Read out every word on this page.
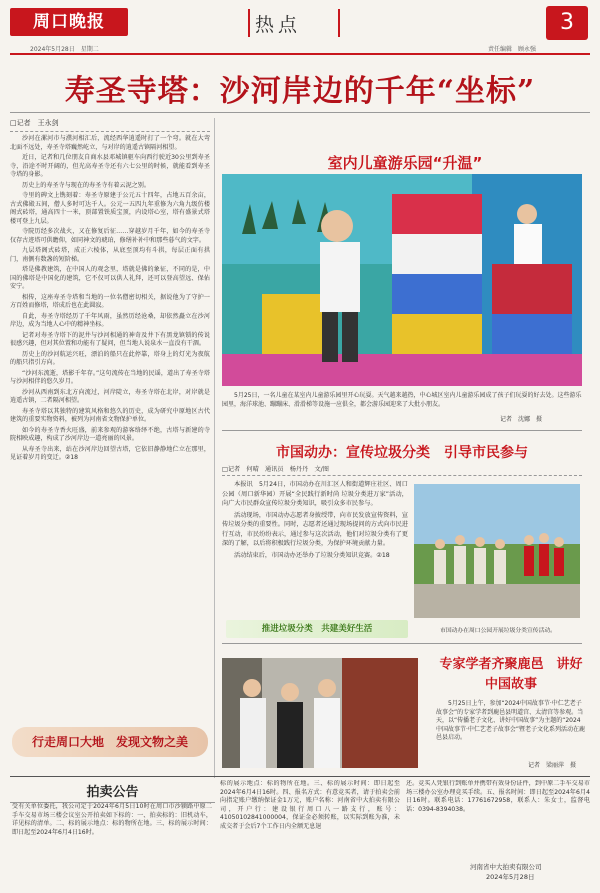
周口晚报	热点	3
2024年5月28日　星期二	责任编辑　顾永强
寿圣寺塔：沙河岸边的千年“坐标”
□记者　王永剑

沙河在漯河市与濮河相汇后，流经西华逍遥时打了一个弯。就在大弯北面不远处，寿圣寺塔巍然屹立，与对岸的逍遥古镇隔河相望。

近日，记者和几位朋友自商水县邓城镇驱车向西行驶近30公里到寿圣寺，沿途不时开阔的，但光高寿圣寺还有六七公里的时候，就能看到寿圣寺塔的身影。

历史上的寿圣寺与现在的寿圣寺有着云泥之别。

寺里的碑文上镌刻着：寿圣寺原建于公元五十四年，占地五百余亩，古式佛殿五间，僧人多时可达千人。公元一五四九年重修为六角九级仿楼阁式砖塔，通高四十一米，顶部置铁质宝顶，内设塔心室，塔有盛景式塔楼可登上九层。

寺院历经多次战火，又在修复后征……穿越岁月千年，如今的寿圣寺仅存古迹塔可供瞻仰，如同神文的琥珀，修缮补补中和那些暮气的文字。

九层塔阁式砖塔，成正六棱体，从底至顶均有斗拱，每层正面有拱门，南侧有数盏的短阶梯。

塔是佛教建筑，在中国人的观念里，塔就是佛的象征，不同的是，中国的佛塔是中国化的建筑，它不仅可以供人礼拜，还可以登高望远、保佑安宁。

相传，这座寿圣寺塔和当地的一位名僧密切相关，据说他为了守护一方百姓而修塔，塔成后也在此圆寂。

自此，寿圣寺塔经历了千年风雨，虽然历经沧桑，却依然矗立在沙河岸边，成为当地人心中的精神坐标。

记者对寿圣寺塔下的泥井与沙河相通的神奇及井下有黑龙镇锁的传说很感兴趣，但对其位置和功能有了疑问，但当地人说泉水一直没有干涸。

历史上的沙河航运兴旺，漂泊的船只在此停靠，塔身上的灯光为夜航的船只指引方向。

“沙河东流逝，塔影千年存。”这句流传在当地的民谣，道出了寿圣寺塔与沙河相伴的悠久岁月。

沙河从西南到东北方向流过，河岸陡立，寿圣寺塔在北岸，对岸就是逍遥古镇，二者隔河相望。

寿圣寺塔以其独特的建筑风格和悠久的历史，成为研究中原地区古代建筑的重要实物资料，被列为河南省文物保护单位。

如今的寿圣寺香火旺盛，前来参观的游客络绎不绝，古塔与新建的寺院相映成趣，构成了沙河岸边一道亮丽的风景。

从寿圣寺出来，站在沙河岸边回望古塔，它依旧静静地伫立在那里，见证着岁月的变迁。②18

行走周口大地　发现文物之美
室内儿童游乐园“升温”
5月25日，一名儿童在某室内儿童游乐园里开心玩耍。天气越来越热，中心城区室内儿童游乐园成了孩子们玩耍的好去处。这些游乐园里，海洋球池、蹦蹦床、滑滑梯等设施一应俱全，都会游乐园迎来了大批小朋友。
记者　沈娜　摄
市国动办：宣传垃圾分类　引导市民参与
□记者　何晴　通讯员　杨丹丹　文/图

本报讯　5月24日，市国动办在川汇区人和街道辉庄社区、周口公园（周口新华园）开展“全民践行新时尚 垃圾分类进万家”活动，向广大市民群众宣传垃圾分类知识，吸引众多市民参与。

活动现场，市国动办志愿者身披绶带，向市民发放宣传资料，宣传垃圾分类的重要性。同时，志愿者还通过现场提问的方式向市民进行互动，市民纷纷表示，通过参与这次活动，他们对垃圾分类有了更深的了解，以后将积极践行垃圾分类，为保护环境贡献力量。

活动结束后，市国动办还举办了垃圾分类知识竞赛。②18

市国动办在周口公园开展垃圾分类宣传活动。
推进垃圾分类　共建美好生活
专家学者齐聚鹿邑　讲好中国故事
5月25日上午，参加“2024中国故事节·中仁艺老子故事会”的专家学者到鹿邑县明道宫、太清宫等参观。当天，以“传播老子文化、讲好中国故事”为主题的“2024中国故事节·中仁艺老子故事会”暨老子文化系列活动在鹿邑县启动。
记者　梁丽萍　摄
拍卖公告
受有关单位委托，我公司定于2024年6月5日10时在周口市沙颍路中原二手车交易市场三楼会议室公开拍卖如下标的：一、拍卖标的：旧机动车，详见标的清单。二、标的展示地点：标的物所在地。三、标的展示时间：即日起至2024年6月4日16时。
标的展示地点：标的物所在地。三、标的展示时间：即日起至2024年6月4日16时。四、报名方式：有意竞买者，请于拍卖会前向指定账户缴纳保证金1万元，账户名称：河南省中大拍卖有限公司，开户行：建设银行周口八一路支行，账号：41050102841000004，保证金必须转账，以实际到账为准，未成交者于会后7个工作日内全额无息退
还。竞买人凭银行到账单并携带有效身份证件，到中原二手车交易市场三楼办公室办理竞买手续。五、报名时间：即日起至2024年6月4日16时。联系电话：17761672958，联系人：朱女士，监督电话：0394-8394038。
河南省中大拍卖有限公司
2024年5月28日
